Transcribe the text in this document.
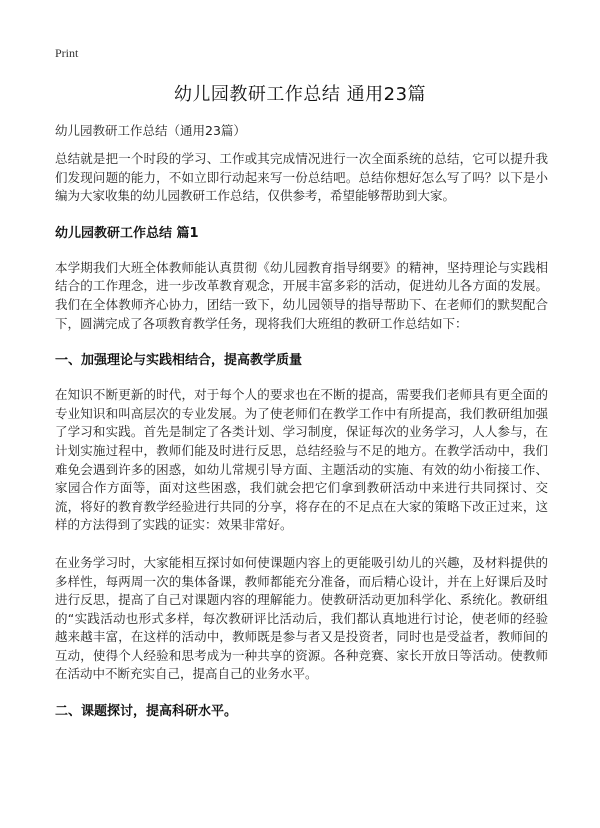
Print
幼儿园教研工作总结 通用23篇
幼儿园教研工作总结（通用23篇）

总结就是把一个时段的学习、工作或其完成情况进行一次全面系统的总结，它可以提升我们发现问题的能力，不如立即行动起来写一份总结吧。总结你想好怎么写了吗？以下是小编为大家收集的幼儿园教研工作总结，仅供参考，希望能够帮助到大家。

幼儿园教研工作总结 篇1

本学期我们大班全体教师能认真贯彻《幼儿园教育指导纲要》的精神，坚持理论与实践相结合的工作理念，进一步改革教育观念，开展丰富多彩的活动，促进幼儿各方面的发展。我们在全体教师齐心协力，团结一致下，幼儿园领导的指导帮助下、在老师们的默契配合下，圆满完成了各项教育教学任务，现将我们大班组的教研工作总结如下：

一、加强理论与实践相结合，提高教学质量

在知识不断更新的时代，对于每个人的要求也在不断的提高，需要我们老师具有更全面的专业知识和叫高层次的专业发展。为了使老师们在教学工作中有所提高，我们教研组加强了学习和实践。首先是制定了各类计划、学习制度，保证每次的业务学习，人人参与，在计划实施过程中，教师们能及时进行反思，总结经验与不足的地方。在教学活动中，我们难免会遇到许多的困惑，如幼儿常规引导方面、主题活动的实施、有效的幼小衔接工作、家园合作方面等，面对这些困惑，我们就会把它们拿到教研活动中来进行共同探讨、交流，将好的教育教学经验进行共同的分享，将存在的不足点在大家的策略下改正过来，这样的方法得到了实践的证实：效果非常好。

在业务学习时，大家能相互探讨如何使课题内容上的更能吸引幼儿的兴趣，及材料提供的多样性，每两周一次的集体备课，教师都能充分准备，而后精心设计，并在上好课后及时进行反思，提高了自己对课题内容的理解能力。使教研活动更加科学化、系统化。教研组的“实践活动也形式多样，每次教研评比活动后，我们都认真地进行讨论，使老师的经验越来越丰富，在这样的活动中，教师既是参与者又是投资者，同时也是受益者，教师间的互动，使得个人经验和思考成为一种共享的资源。各种竞赛、家长开放日等活动。使教师在活动中不断充实自己，提高自己的业务水平。

二、课题探讨，提高科研水平。
